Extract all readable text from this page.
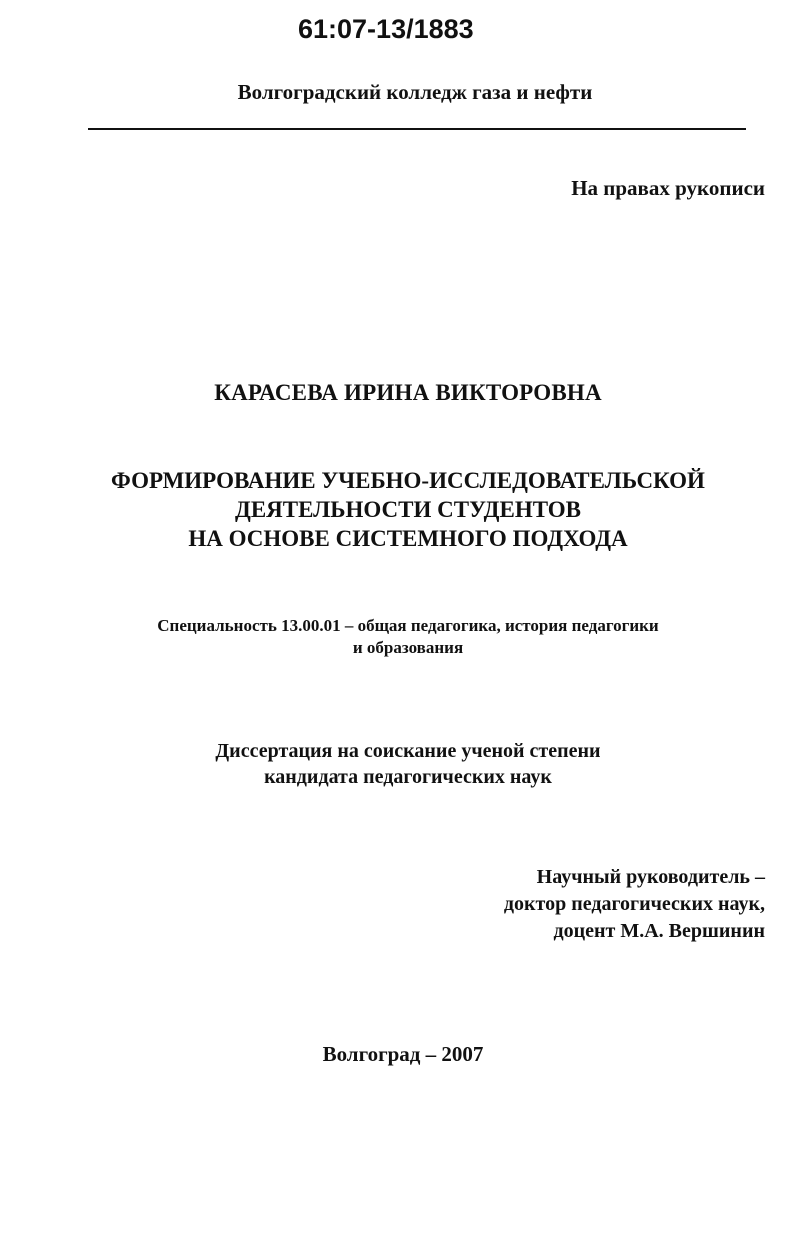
61:07-13/1883
Волгоградский колледж газа и нефти
На правах рукописи
КАРАСЕВА ИРИНА ВИКТОРОВНА
ФОРМИРОВАНИЕ УЧЕБНО-ИССЛЕДОВАТЕЛЬСКОЙ
ДЕЯТЕЛЬНОСТИ СТУДЕНТОВ
НА ОСНОВЕ СИСТЕМНОГО ПОДХОДА
Специальность 13.00.01 – общая педагогика, история педагогики
и образования
Диссертация на соискание ученой степени
кандидата педагогических наук
Научный руководитель –
доктор педагогических наук,
доцент М.А. Вершинин
Волгоград – 2007
